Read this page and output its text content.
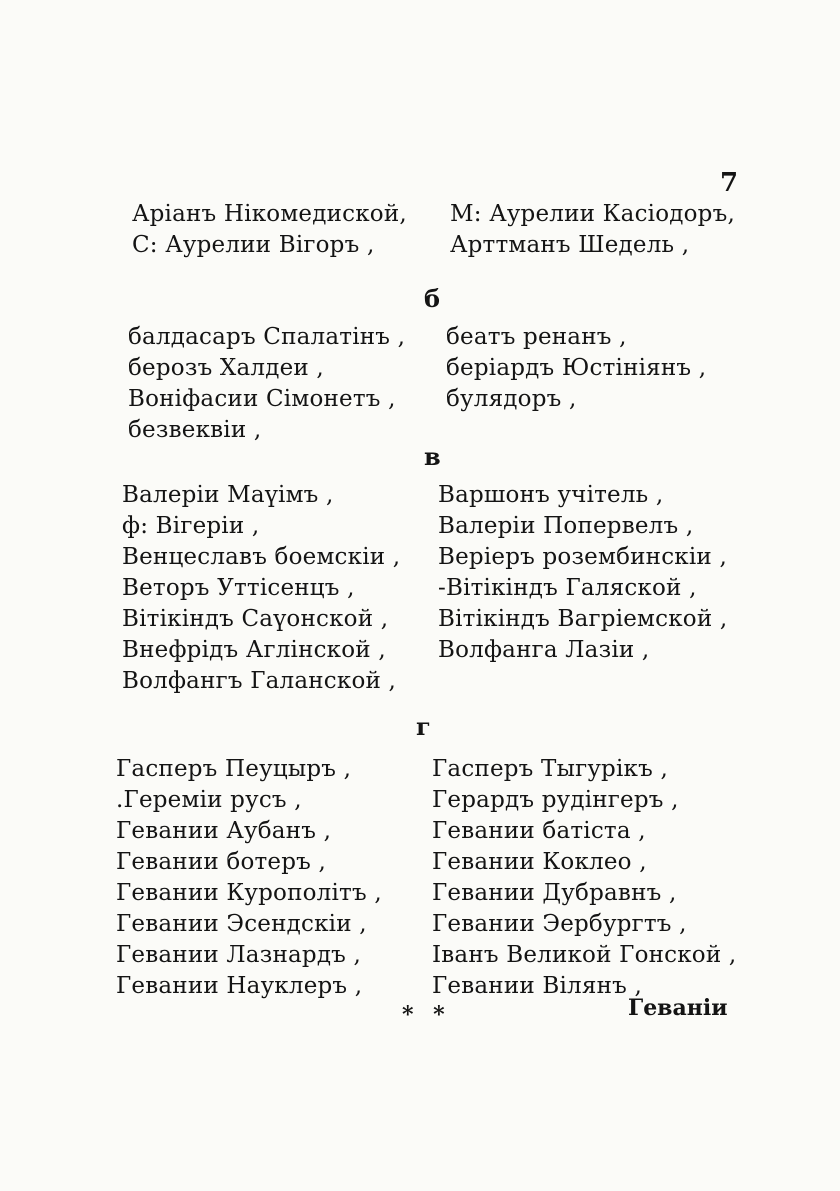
7
Аріанъ Нікомедиской,
С: Аурелии Вігоръ ,
М: Аурелии Касіодоръ,
Арттманъ Шедель ,
б
балдасаръ Спалатінъ ,
берозъ Халдеи ,
Вонiфасии Сiмонетъ ,
безвеквіи ,
беатъ ренанъ ,
берiардъ Юстiнiянъ ,
булядоръ ,
в
Валерiи Маүiмъ ,
ф: Вiгерiи ,
Венцеславъ боемскiи ,
Веторъ Уттiсенцъ ,
Вiтiкiндъ Саүонской ,
Внефрiдъ Аглiнской ,
Волфангъ Галанской ,
Варшонъ учiтель ,
Валерiи Попервелъ ,
Верiеръ розембинскiи ,
-Вiтiкiндъ Галяской ,
Вiтiкiндъ Вагрiемской ,
Волфанга Лазiи ,
г
Гасперъ Пеуцыръ ,
.Геремiи русъ ,
Гевании Аубанъ ,
Гевании ботеръ ,
Гевании Курополітъ ,
Гевании Эсендскіи ,
Гевании Лазнардъ ,
Гевании Науклеръ ,
Гасперъ Тыгурiкъ ,
Герардъ рудiнгеръ ,
Гевании батiста ,
Гевании Коклео ,
Гевании Дубравнъ ,
Гевании Эербургтъ ,
Іванъ Великой Гонской ,
Гевании Вiлянъ ,
* *	Геванiи
